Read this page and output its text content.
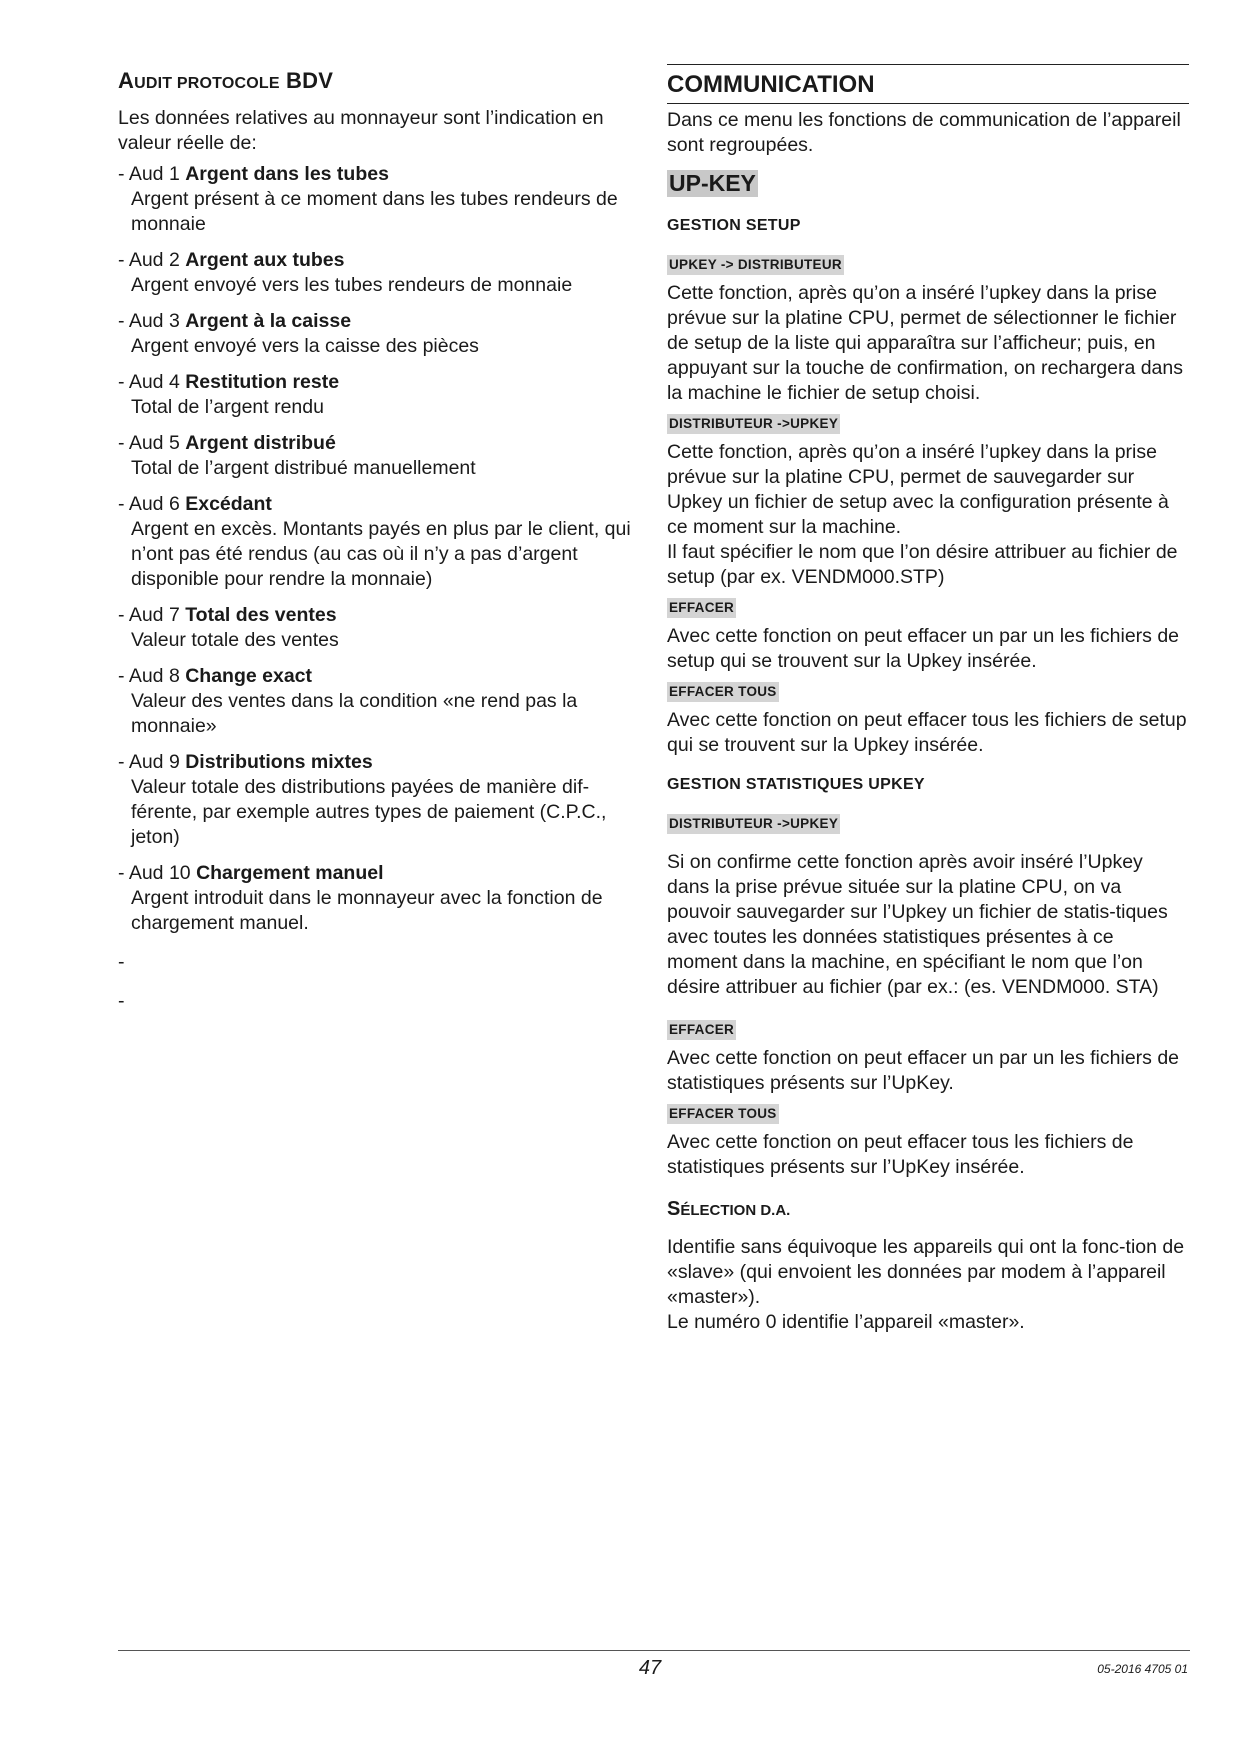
AUDIT PROTOCOLE BDV

Les données relatives au monnayeur sont l’indication en valeur réelle de:

- Aud 1 Argent dans les tubes
Argent présent à ce moment dans les tubes rendeurs de monnaie
- Aud 2 Argent aux tubes
Argent envoyé vers les tubes rendeurs de monnaie
- Aud 3 Argent à la caisse
Argent envoyé vers la caisse des pièces
- Aud 4 Restitution reste
Total de l’argent rendu
- Aud 5 Argent distribué
Total de l’argent distribué manuellement
- Aud 6 Excédant
Argent en excès. Montants payés en plus par le client, qui n’ont pas été rendus (au cas où il n’y a pas d’argent disponible pour rendre la monnaie)
- Aud 7 Total des ventes
Valeur totale des ventes
- Aud 8 Change exact
Valeur des ventes dans la condition «ne rend pas la monnaie»
- Aud 9 Distributions mixtes
Valeur totale des distributions payées de manière dif-férente, par exemple autres types de paiement (C.P.C., jeton)
- Aud 10 Chargement manuel
Argent introduit dans le monnayeur avec la fonction de chargement manuel.
-
-
COMMUNICATION

Dans ce menu les fonctions de communication de l’appareil sont regroupées.

UP-KEY
GESTION SETUP
UPKEY -> DISTRIBUTEUR

Cette fonction, après qu’on a inséré l’upkey dans la prise prévue sur la platine CPU, permet de sélectionner le fichier de setup de la liste qui apparaîtra sur l’afficheur; puis, en appuyant sur la touche de confirmation, on rechargera dans la machine le fichier de setup choisi.

DISTRIBUTEUR ->UPKEY

Cette fonction, après qu’on a inséré l’upkey dans la prise prévue sur la platine CPU, permet de sauvegarder sur Upkey un fichier de setup avec la configuration présente à ce moment sur la machine.

Il faut spécifier le nom que l’on désire attribuer au fichier de setup (par ex. VENDM000.STP)

EFFACER

Avec cette fonction on peut effacer un par un les fichiers de setup qui se trouvent sur la Upkey insérée.

EFFACER TOUS

Avec cette fonction on peut effacer tous les fichiers de setup qui se trouvent sur la Upkey insérée.

GESTION STATISTIQUES UPKEY
DISTRIBUTEUR ->UPKEY

Si on confirme cette fonction après avoir inséré l’Upkey dans la prise prévue située sur la platine CPU, on va pouvoir sauvegarder sur l’Upkey un fichier de statis-tiques avec toutes les données statistiques présentes à ce moment dans la machine, en spécifiant le nom que l’on désire attribuer au fichier (par ex.: (es. VENDM000. STA)

EFFACER

Avec cette fonction on peut effacer un par un les fichiers de statistiques présents sur l’UpKey.

EFFACER TOUS

Avec cette fonction on peut effacer tous les fichiers de statistiques présents sur l’UpKey insérée.

SÉLECTION D.A.

Identifie sans équivoque les appareils qui ont la fonc-tion de «slave» (qui envoient les données par modem à l’appareil «master»).

Le numéro 0 identifie l’appareil «master».

47	05-2016 4705 01
